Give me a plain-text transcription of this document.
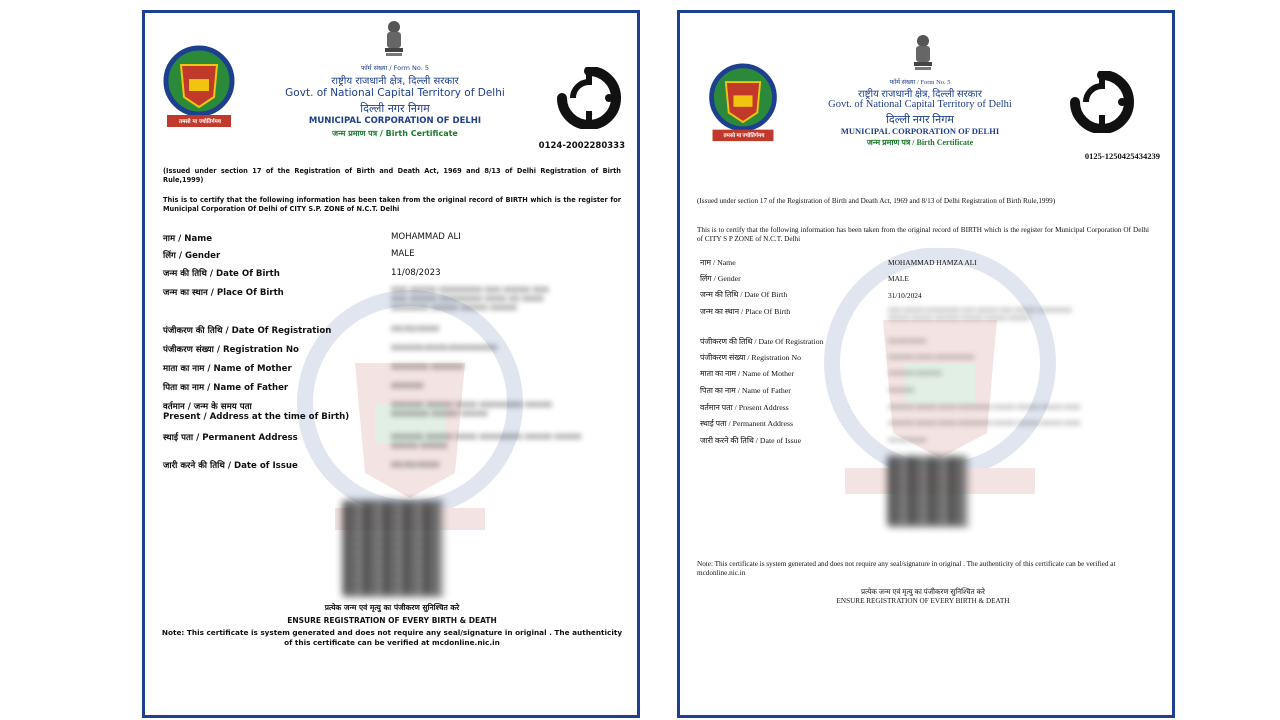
तमसो मा ज्योतिर्गमय
फॉर्म संख्या / Form No. 5
राष्ट्रीय राजधानी क्षेत्र, दिल्ली सरकार
Govt. of National Capital Territory of Delhi
दिल्ली नगर निगम
MUNICIPAL CORPORATION OF DELHI
जन्म प्रमाण पत्र / Birth Certificate
0124-2002280333
(Issued under section 17 of the Registration of Birth and Death Act, 1969 and 8/13 of Delhi Registration of Birth Rule,1999)
This is to certify that the following information has been taken from the original record of BIRTH which is the register for Municipal Corporation Of Delhi of CITY S.P. ZONE of N.C.T. Delhi
नाम / Name	MOHAMMAD ALI
लिंग / Gender	MALE
जन्म की तिथि / Date Of Birth	11/08/2023
जन्म का स्थान / Place Of Birth	XXX XXXXX XXXXXXXX XXX XXXXX XXX
XXX XXXXX XXXXXXXX XXXX XX XXXX
XXXXXXX XXXXX XXXXX XXXXX
पंजीकरण की तिथि / Date Of Registration	XX/XX/XXXX
पंजीकरण संख्या / Registration No	XXXXXX-XXXX-XXXXXXXXX
माता का नाम / Name of Mother	XXXXXXX XXXXXX
पिता का नाम / Name of Father	XXXXXX
वर्तमान / जन्म के समय पता
Present / Address at the time of Birth)
XXXXXX XXXXX XXXX XXXXXXXX XXXXX
XXXXXXX XXXXX XXXXX
स्थाई पता / Permanent Address	XXXXXX XXXXX XXXX XXXXXXXX XXXXX XXXXX
XXXXX XXXXX
जारी करने की तिथि / Date of Issue	XX/XX/XXXX
प्रत्येक जन्म एवं मृत्यु का पंजीकरण सुनिश्चित करे
ENSURE REGISTRATION OF EVERY BIRTH & DEATH
Note: This certificate is system generated and does not require any seal/signature in original . The authenticity of this certificate can be verified at mcdonline.nic.in
तमसो मा ज्योतिर्गमय
फॉर्म संख्या / Form No. 5
राष्ट्रीय राजधानी क्षेत्र, दिल्ली सरकार
Govt. of National Capital Territory of Delhi
दिल्ली नगर निगम
MUNICIPAL CORPORATION OF DELHI
जन्म प्रमाण पत्र / Birth Certificate
0125-1250425434239
(Issued under section 17 of the Registration of Birth and Death Act, 1969 and 8/13 of Delhi Registration of Birth Rule,1999)
This is to certify that the following information has been taken from the original record of BIRTH which is the register for Municipal Corporation Of Delhi of CITY S P ZONE of N.C.T. Delhi
नाम / Name	MOHAMMAD HAMZA ALI
लिंग / Gender	MALE
जन्म की तिथि / Date Of Birth	31/10/2024
जन्म का स्थान / Place Of Birth	XXX XXXXX XXXXXXXX XXX XXXXX XXX XXXXX XXXXXXXX
XXXXX XXXXX XXXXXX XXXXX XXXXX XXXXX
पंजीकरण की तिथि / Date Of Registration	XX/XX/XXXX
पंजीकरण संख्या / Registration No	XXXXXX-XXXX-XXXXXXXXX
माता का नाम / Name of Mother	XXXXXX XXXXXX
पिता का नाम / Name of Father	XXXXXX
वर्तमान पता / Present Address	XXXXXX XXXXX XXXX XXXXXXXX XXXXX XXXXX XXXXX XXXX
स्थाई पता / Permanent Address	XXXXXX XXXXX XXXX XXXXXXXX XXXXX XXXXX XXXXX XXXX
जारी करने की तिथि / Date of Issue	XX/XX/XXXX
Note: This certificate is system generated and does not require any seal/signature in original . The authenticity of this certificate can be verified at mcdonline.nic.in
प्रत्येक जन्म एवं मृत्यु का पंजीकरण सुनिश्चित करे
ENSURE REGISTRATION OF EVERY BIRTH & DEATH
